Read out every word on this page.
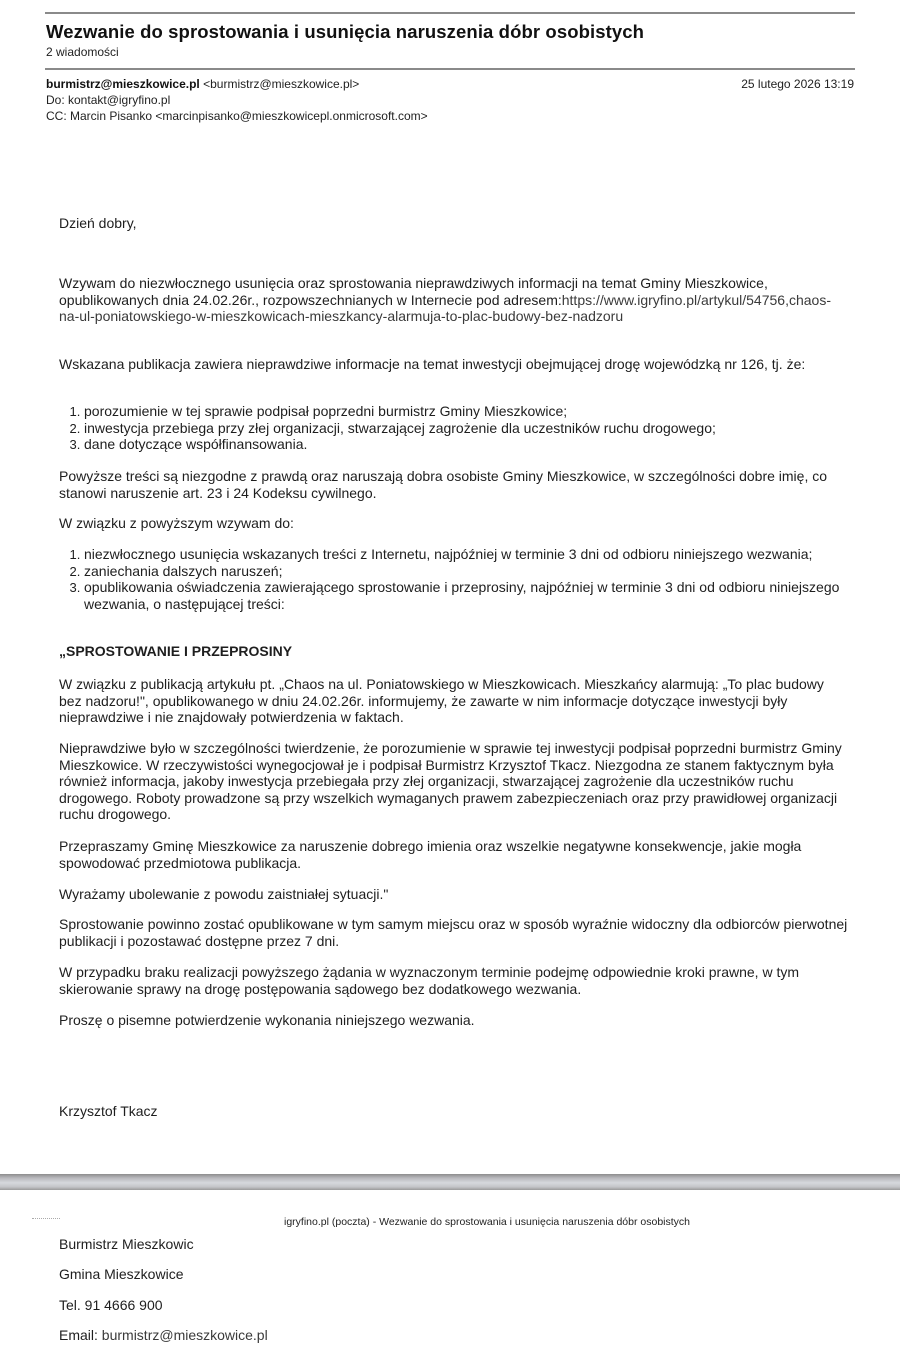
Wezwanie do sprostowania i usunięcia naruszenia dóbr osobistych
2 wiadomości
burmistrz@mieszkowice.pl <burmistrz@mieszkowice.pl>	25 lutego 2026 13:19
Do: kontakt@igryfino.pl
CC: Marcin Pisanko <marcinpisanko@mieszkowicepl.onmicrosoft.com>
Dzień dobry,
Wzywam do niezwłocznego usunięcia oraz sprostowania nieprawdziwych informacji na temat Gminy Mieszkowice, opublikowanych dnia 24.02.26r., rozpowszechnianych w Internecie pod adresem:https://www.igryfino.pl/artykul/54756,chaos-na-ul-poniatowskiego-w-mieszkowicach-mieszkancy-alarmuja-to-plac-budowy-bez-nadzoru
Wskazana publikacja zawiera nieprawdziwe informacje na temat inwestycji obejmującej drogę wojewódzką nr 126, tj. że:
1. porozumienie w tej sprawie podpisał poprzedni burmistrz Gminy Mieszkowice;
2. inwestycja przebiega przy złej organizacji, stwarzającej zagrożenie dla uczestników ruchu drogowego;
3. dane dotyczące współfinansowania.
Powyższe treści są niezgodne z prawdą oraz naruszają dobra osobiste Gminy Mieszkowice, w szczególności dobre imię, co stanowi naruszenie art. 23 i 24 Kodeksu cywilnego.
W związku z powyższym wzywam do:
1. niezwłocznego usunięcia wskazanych treści z Internetu, najpóźniej w terminie 3 dni od odbioru niniejszego wezwania;
2. zaniechania dalszych naruszeń;
3. opublikowania oświadczenia zawierającego sprostowanie i przeprosiny, najpóźniej w terminie 3 dni od odbioru niniejszego wezwania, o następującej treści:
„SPROSTOWANIE I PRZEPROSINY
W związku z publikacją artykułu pt. „Chaos na ul. Poniatowskiego w Mieszkowicach. Mieszkańcy alarmują: „To plac budowy bez nadzoru!", opublikowanego w dniu 24.02.26r. informujemy, że zawarte w nim informacje dotyczące inwestycji były nieprawdziwe i nie znajdowały potwierdzenia w faktach.
Nieprawdziwe było w szczególności twierdzenie, że porozumienie w sprawie tej inwestycji podpisał poprzedni burmistrz Gminy Mieszkowice. W rzeczywistości wynegocjował je i podpisał Burmistrz Krzysztof Tkacz. Niezgodna ze stanem faktycznym była również informacja, jakoby inwestycja przebiegała przy złej organizacji, stwarzającej zagrożenie dla uczestników ruchu drogowego. Roboty prowadzone są przy wszelkich wymaganych prawem zabezpieczeniach oraz przy prawidłowej organizacji ruchu drogowego.
Przepraszamy Gminę Mieszkowice za naruszenie dobrego imienia oraz wszelkie negatywne konsekwencje, jakie mogła spowodować przedmiotowa publikacja.
Wyrażamy ubolewanie z powodu zaistniałej sytuacji."
Sprostowanie powinno zostać opublikowane w tym samym miejscu oraz w sposób wyraźnie widoczny dla odbiorców pierwotnej publikacji i pozostawać dostępne przez 7 dni.
W przypadku braku realizacji powyższego żądania w wyznaczonym terminie podejmę odpowiednie kroki prawne, w tym skierowanie sprawy na drogę postępowania sądowego bez dodatkowego wezwania.
Proszę o pisemne potwierdzenie wykonania niniejszego wezwania.
Krzysztof Tkacz
igryfino.pl (poczta) - Wezwanie do sprostowania i usunięcia naruszenia dóbr osobistych
Burmistrz Mieszkowic
Gmina Mieszkowice
Tel. 91 4666 900
Email: burmistrz@mieszkowice.pl
